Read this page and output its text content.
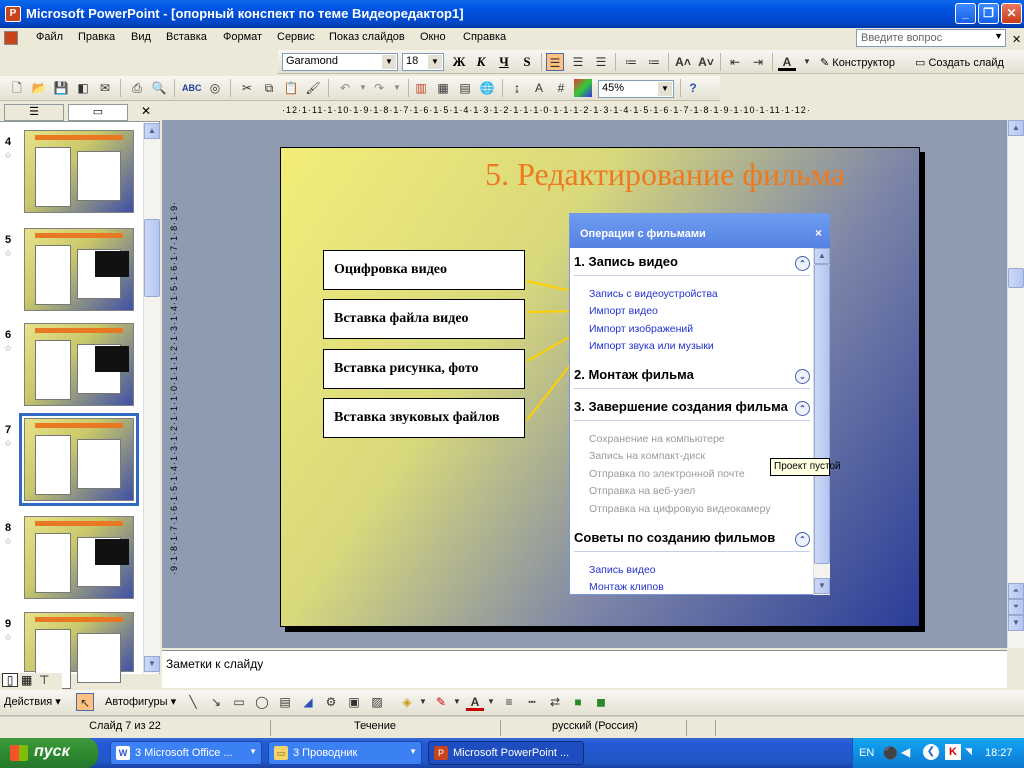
P Microsoft PowerPoint - [опорный конспект по теме Видеоредактор1]	_	❐	✕
Файл Правка Вид Вставка Формат Сервис Показ слайдов Окно Справка	Введите вопрос	▼ ✕
Garamond	▼	18	▼ Ж К	Ч	S	☰	☰	☰	≔ ≔ A˄ A˅	⇤	⇥	A	▼ ✎ Конструктор ▭ Создать слайд
🗋 📂 💾 ◧ ✉	⎙ 🔍 ABC ◎	✂	⧉ 📋 🖌	↶	▼ ↷	▼	▥ ▦ ▤ 🌐	↨	A	#	45%	▼	?
·12·1·11·1·10·1·9·1·8·1·7·1·6·1·5·1·4·1·3·1·2·1·1·1·0·1·1·1·2·1·3·1·4·1·5·1·6·1·7·1·8·1·9·1·10·1·11·1·12·
☰	▭	✕
4
☆
5
☆
6
☆
7
☆
8
☆
9
☆
▲
▼
·9·1·8·1·7·1·6·1·5·1·4·1·3·1·2·1·1·1·0·1·1·1·2·1·3·1·4·1·5·1·6·1·7·1·8·1·9·
5. Редактирование фильма
Оцифровка видео
Вставка файла видео
Вставка рисунка, фото
Вставка звуковых файлов
Операции с фильмами	×
1. Запись видео	⌃
Запись с видеоустройства
Импорт видео
Импорт изображений
Импорт звука или музыки
2. Монтаж фильма	⌄
3. Завершение создания фильма	⌃
Сохранение на компьютере
Запись на компакт-диск
Отправка по электронной почте
Отправка на веб-узел
Отправка на цифровую видеокамеру
Советы по созданию фильмов	⌃
Запись видео
Монтаж клипов
▲
▼
Проект пустой
▲
⏶
⏷
▼
Заметки к слайду
▯ ▦ ⊤
Действия ▾	↖	Автофигуры ▾	╲	↘	▭ ◯ ▤	◢	⚙ ▣ ▨	◈ ▼ ✎ ▼ A ▼ ≡	┅	⇄	■	◼
Слайд 7 из 22	Течение	русский (Россия)
пуск	W 3 Microsoft Office ... ▼	▭ 3 Проводник	▼	P Microsoft PowerPoint ...	EN ⚫ ◀	❮	K ◥ 18:27
